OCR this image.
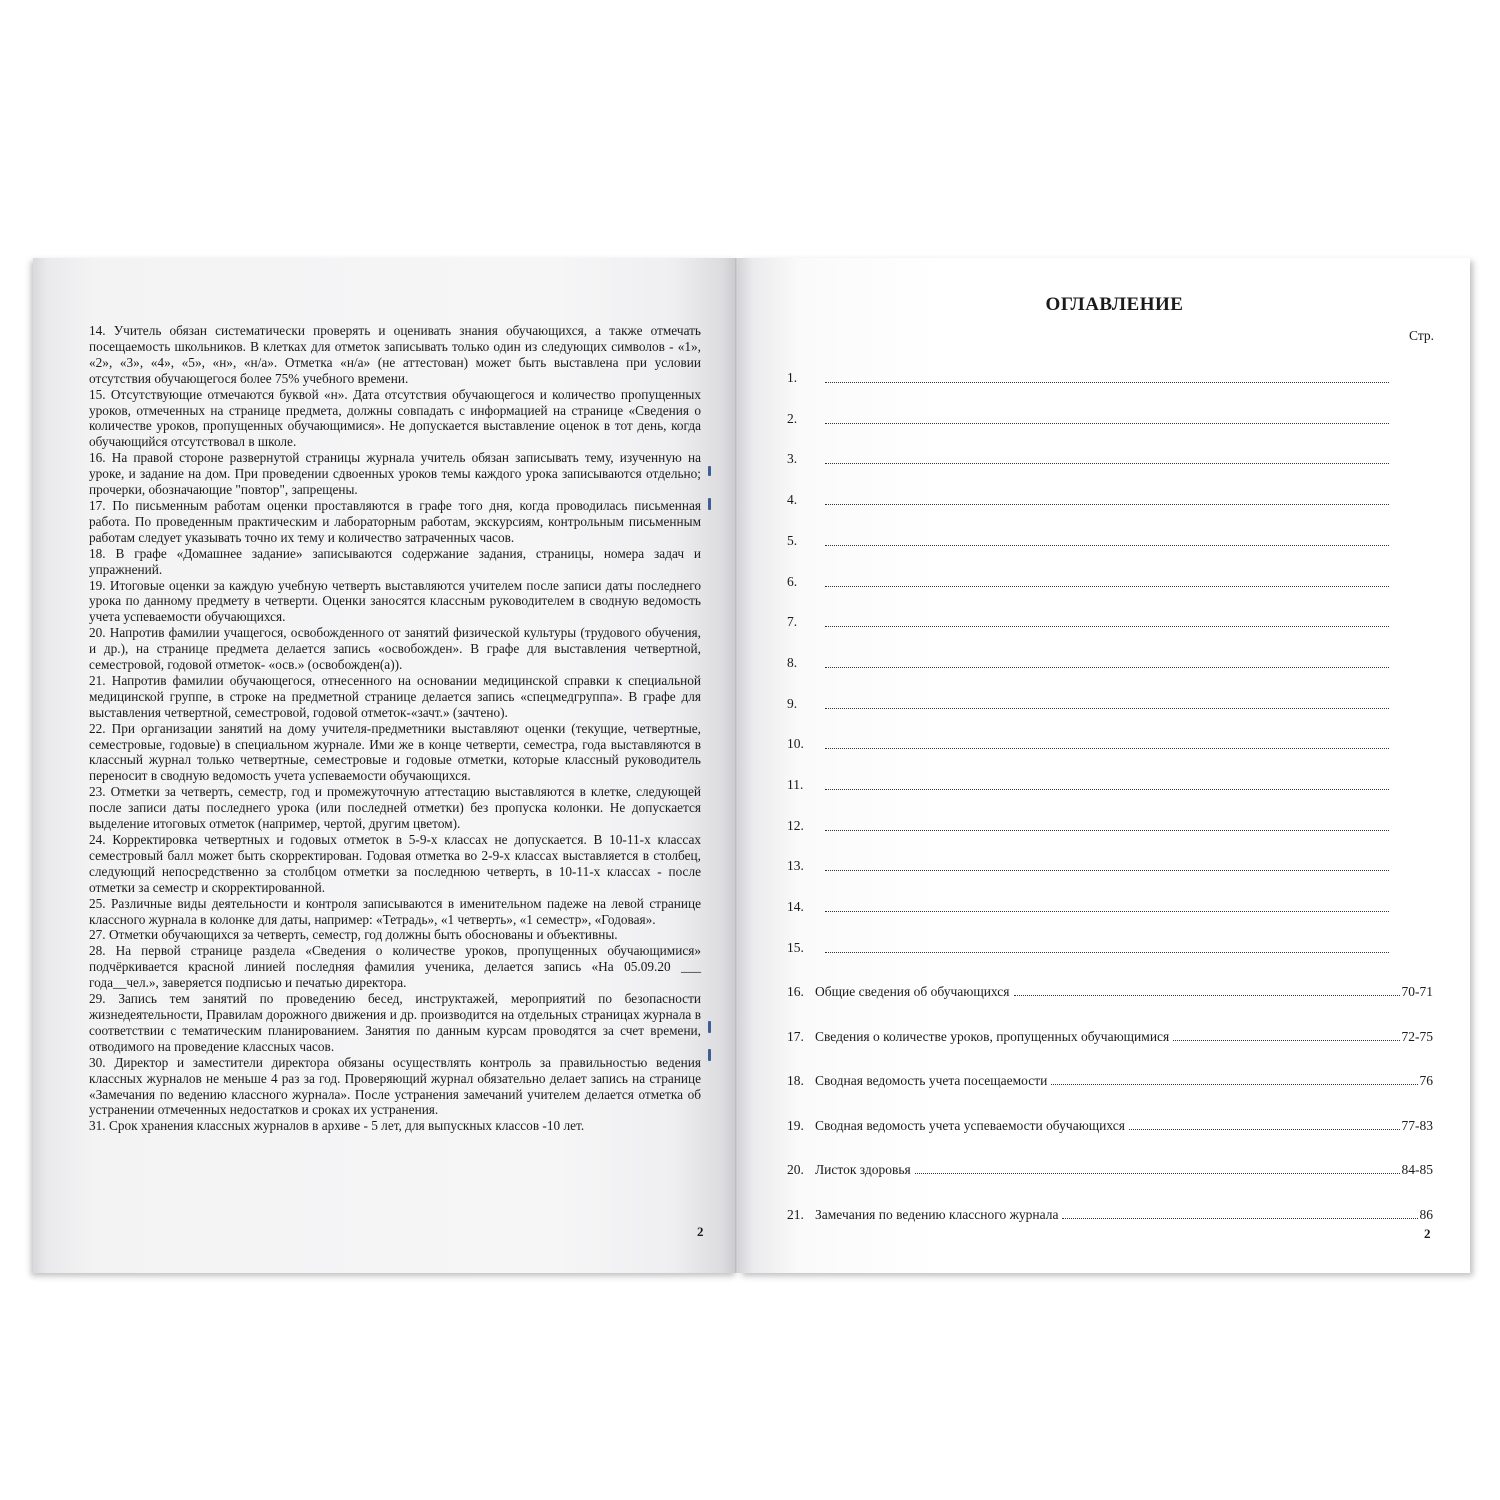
14. Учитель обязан систематически проверять и оценивать знания обучающихся, а также отмечать посещаемость школьников. В клетках для отметок записывать только один из следующих символов - «1», «2», «3», «4», «5», «н», «н/а». Отметка «н/а» (не аттестован) может быть выставлена при условии отсутствия обучающегося более 75% учебного времени.

15. Отсутствующие отмечаются буквой «н». Дата отсутствия обучающегося и количество пропущенных уроков, отмеченных на странице предмета, должны совпадать с информацией на странице «Сведения о количестве уроков, пропущенных обучающимися». Не допускается выставление оценок в тот день, когда обучающийся отсутствовал в школе.

16. На правой стороне развернутой страницы журнала учитель обязан записывать тему, изученную на уроке, и задание на дом. При проведении сдвоенных уроков темы каждого урока записываются отдельно; прочерки, обозначающие "повтор", запрещены.

17. По письменным работам оценки проставляются в графе того дня, когда проводилась письменная работа. По проведенным практическим и лабораторным работам, экскурсиям, контрольным письменным работам следует указывать точно их тему и количество затраченных часов.

18. В графе «Домашнее задание» записываются содержание задания, страницы, номера задач и упражнений.

19. Итоговые оценки за каждую учебную четверть выставляются учителем после записи даты последнего урока по данному предмету в четверти. Оценки заносятся классным руководителем в сводную ведомость учета успеваемости обучающихся.

20. Напротив фамилии учащегося, освобожденного от занятий физической культуры (трудового обучения, и др.), на странице предмета делается запись «освобожден». В графе для выставления четвертной, семестровой, годовой отметок- «осв.» (освобожден(а)).

21. Напротив фамилии обучающегося, отнесенного на основании медицинской справки к специальной медицинской группе, в строке на предметной странице делается запись «спецмедгруппа». В графе для выставления четвертной, семестровой, годовой отметок-«зачт.» (зачтено).

22. При организации занятий на дому учителя-предметники выставляют оценки (текущие, четвертные, семестровые, годовые) в специальном журнале. Ими же в конце четверти, семестра, года выставляются в классный журнал только четвертные, семестровые и годовые отметки, которые классный руководитель переносит в сводную ведомость учета успеваемости обучающихся.

23. Отметки за четверть, семестр, год и промежуточную аттестацию выставляются в клетке, следующей после записи даты последнего урока (или последней отметки) без пропуска колонки. Не допускается выделение итоговых отметок (например, чертой, другим цветом).

24. Корректировка четвертных и годовых отметок в 5-9-х классах не допускается. В 10-11-х классах семестровый балл может быть скорректирован. Годовая отметка во 2-9-х классах выставляется в столбец, следующий непосредственно за столбцом отметки за последнюю четверть, в 10-11-х классах - после отметки за семестр и скорректированной.

25. Различные виды деятельности и контроля записываются в именительном падеже на левой странице классного журнала в колонке для даты, например: «Тетрадь», «1 четверть», «1 семестр», «Годовая».

27. Отметки обучающихся за четверть, семестр, год должны быть обоснованы и объективны.

28. На первой странице раздела «Сведения о количестве уроков, пропущенных обучающимися» подчёркивается красной линией последняя фамилия ученика, делается запись «На 05.09.20 ___ года__чел.», заверяется подписью и печатью директора.

29. Запись тем занятий по проведению бесед, инструктажей, мероприятий по безопасности жизнедеятельности, Правилам дорожного движения и др. производится на отдельных страницах журнала в соответствии с тематическим планированием. Занятия по данным курсам проводятся за счет времени, отводимого на проведение классных часов.

30. Директор и заместители директора обязаны осуществлять контроль за правильностью ведения классных журналов не меньше 4 раз за год. Проверяющий журнал обязательно делает запись на странице «Замечания по ведению классного журнала». После устранения замечаний учителем делается отметка об устранении отмеченных недостатков и сроках их устранения.

31. Срок хранения классных журналов в архиве - 5 лет, для выпускных классов -10 лет.

2
ОГЛАВЛЕНИЕ
Стр.
1.
2.
3.
4.
5.
6.
7.
8.
9.
10.
11.
12.
13.
14.
15.
16. Общие сведения об обучающихся	70-71
17. Сведения о количестве уроков, пропущенных обучающимися	72-75
18. Сводная ведомость учета посещаемости	76
19. Сводная ведомость учета успеваемости обучающихся	77-83
20. Листок здоровья	84-85
21. Замечания по ведению классного журнала	86
2
